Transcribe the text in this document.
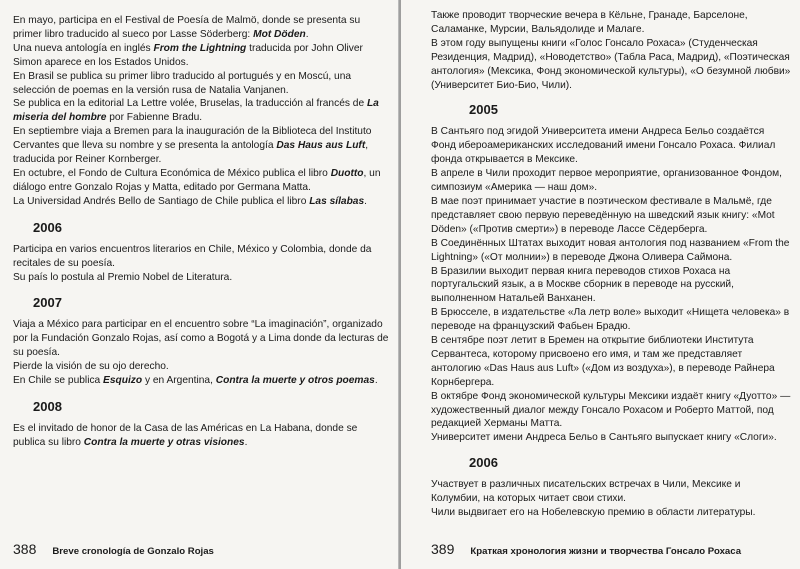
En mayo, participa en el Festival de Poesía de Malmö, donde se presenta su primer libro traducido al sueco por Lasse Söderberg: Mot Döden.

Una nueva antología en inglés From the Lightning traducida por John Oliver Simon aparece en los Estados Unidos.

En Brasil se publica su primer libro traducido al portugués y en Moscú, una selección de poemas en la versión rusa de Natalia Vanjanen.

Se publica en la editorial La Lettre volée, Bruselas, la traducción al francés de La miseria del hombre por Fabienne Bradu.

En septiembre viaja a Bremen para la inauguración de la Biblioteca del Instituto Cervantes que lleva su nombre y se presenta la antología Das Haus aus Luft, traducida por Reiner Kornberger.

En octubre, el Fondo de Cultura Económica de México publica el libro Duotto, un diálogo entre Gonzalo Rojas y Matta, editado por Germana Matta.

La Universidad Andrés Bello de Santiago de Chile publica el libro Las sílabas.

2006

Participa en varios encuentros literarios en Chile, México y Colombia, donde da recitales de su poesía.

Su país lo postula al Premio Nobel de Literatura.

2007

Viaja a México para participar en el encuentro sobre “La imaginación”, organizado por la Fundación Gonzalo Rojas, así como a Bogotá y a Lima donde da lecturas de su poesía.

Pierde la visión de su ojo derecho.

En Chile se publica Esquizo y en Argentina, Contra la muerte y otros poemas.

2008

Es el invitado de honor de la Casa de las Américas en La Habana, donde se publica su libro Contra la muerte y otras visiones.

388 Breve cronología de Gonzalo Rojas

Также проводит творческие вечера в Кёльне, Гранаде, Барселоне, Саламанке, Мурсии, Вальядолиде и Малаге.

В этом году выпущены книги «Голос Гонсало Рохаса» (Студенческая Резиденция, Мадрид), «Новодетство» (Табла Раса, Мадрид), «Поэтическая антология» (Мексика, Фонд экономической культуры), «О безумной любви» (Университет Био-Био, Чили).

2005

В Сантьяго под эгидой Университета имени Андреса Бельо создаётся Фонд ибероамериканских исследований имени Гонсало Рохаса. Филиал фонда открывается в Мексике.

В апреле в Чили проходит первое мероприятие, организованное Фондом, симпозиум «Америка — наш дом».

В мае поэт принимает участие в поэтическом фестивале в Мальмё, где представляет свою первую переведённую на шведский язык книгу: «Mot Döden» («Против смерти») в переводе Лассе Сёдерберга.

В Соединённых Штатах выходит новая антология под названием «From the Lightning» («От молнии») в переводе Джона Оливера Саймона.

В Бразилии выходит первая книга переводов стихов Рохаса на португальский язык, а в Москве сборник в переводе на русский, выполненном Натальей Ванханен.

В Брюсселе, в издательстве «Ла летр воле» выходит «Нищета человека» в переводе на французский Фабьен Брадю.

В сентябре поэт летит в Бремен на открытие библиотеки Института Сервантеса, которому присвоено его имя, и там же представляет антологию «Das Haus aus Luft» («Дом из воздуха»), в переводе Райнера Корнбергера.

В октябре Фонд экономической культуры Мексики издаёт книгу «Дуотто» — художественный диалог между Гонсало Рохасом и Роберто Маттой, под редакцией Херманы Матта.

Университет имени Андреса Бельо в Сантьяго выпускает книгу «Слоги».

2006

Участвует в различных писательских встречах в Чили, Мексике и Колумбии, на которых читает свои стихи.

Чили выдвигает его на Нобелевскую премию в области литературы.

389 Краткая хронология жизни и творчества Гонсало Рохаса
